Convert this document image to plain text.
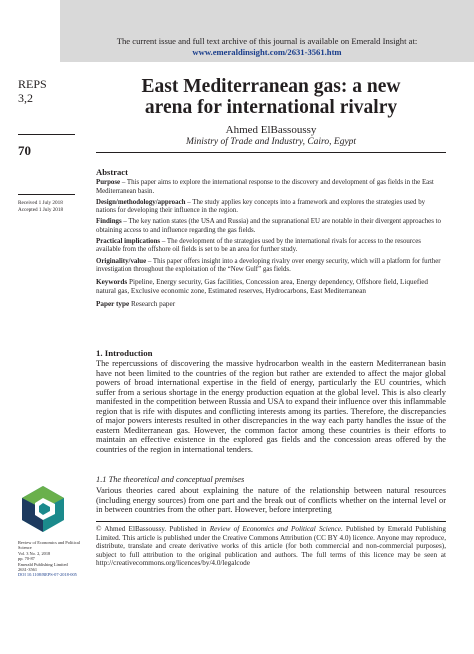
The current issue and full text archive of this journal is available on Emerald Insight at:
www.emeraldinsight.com/2631-3561.htm
REPS
3,2
70
Received 1 July 2018
Accepted 1 July 2018
East Mediterranean gas: a new
arena for international rivalry
Ahmed ElBassoussy
Ministry of Trade and Industry, Cairo, Egypt
Abstract

Purpose – This paper aims to explore the international response to the discovery and development of gas fields in the East Mediterranean basin.

Design/methodology/approach – The study applies key concepts into a framework and explores the strategies used by nations for developing their influence in the region.

Findings – The key nation states (the USA and Russia) and the supranational EU are notable in their divergent approaches to obtaining access to and influence regarding the gas fields.

Practical implications – The development of the strategies used by the international rivals for access to the resources available from the offshore oil fields is set to be an area for further study.

Originality/value – This paper offers insight into a developing rivalry over energy security, which will a platform for further investigation throughout the exploitation of the “New Gulf” gas fields.

Keywords Pipeline, Energy security, Gas facilities, Concession area, Energy dependency, Offshore field, Liquefied natural gas, Exclusive economic zone, Estimated reserves, Hydrocarbons, East Mediterranean

Paper type Research paper

1. Introduction

The repercussions of discovering the massive hydrocarbon wealth in the eastern Mediterranean basin have not been limited to the countries of the region but rather are extended to affect the major global powers of broad international expertise in the field of energy, particularly the EU countries, which suffer from a serious shortage in the energy production equation at the global level. This is also clearly manifested in the competition between Russia and USA to expand their influence over this inflammable region that is rife with disputes and conflicting interests among its parties. Therefore, the discrepancies of major powers interests resulted in other discrepancies in the way each party handles the issue of the eastern Mediterranean gas. However, the common factor among these countries is their efforts to maintain an effective existence in the explored gas fields and the concession areas offered by the countries of the region in international tenders.

1.1 The theoretical and conceptual premises

Various theories cared about explaining the nature of the relationship between natural resources (including energy sources) from one part and the break out of conflicts whether on the internal level or in between countries from the other part. However, before interpreting

© Ahmed ElBassoussy. Published in Review of Economics and Political Science. Published by Emerald Publishing Limited. This article is published under the Creative Commons Attribution (CC BY 4.0) licence. Anyone may reproduce, distribute, translate and create derivative works of this article (for both commercial and non-commercial purposes), subject to full attribution to the original publication and authors. The full terms of this licence may be seen at http://creativecommons.org/licences/by/4.0/legalcode

Review of Economics and Political
Science
Vol. 3 No. 2, 2018
pp. 70-87
Emerald Publishing Limited
2631-3561
DOI 10.1108/REPS-07-2018-005
